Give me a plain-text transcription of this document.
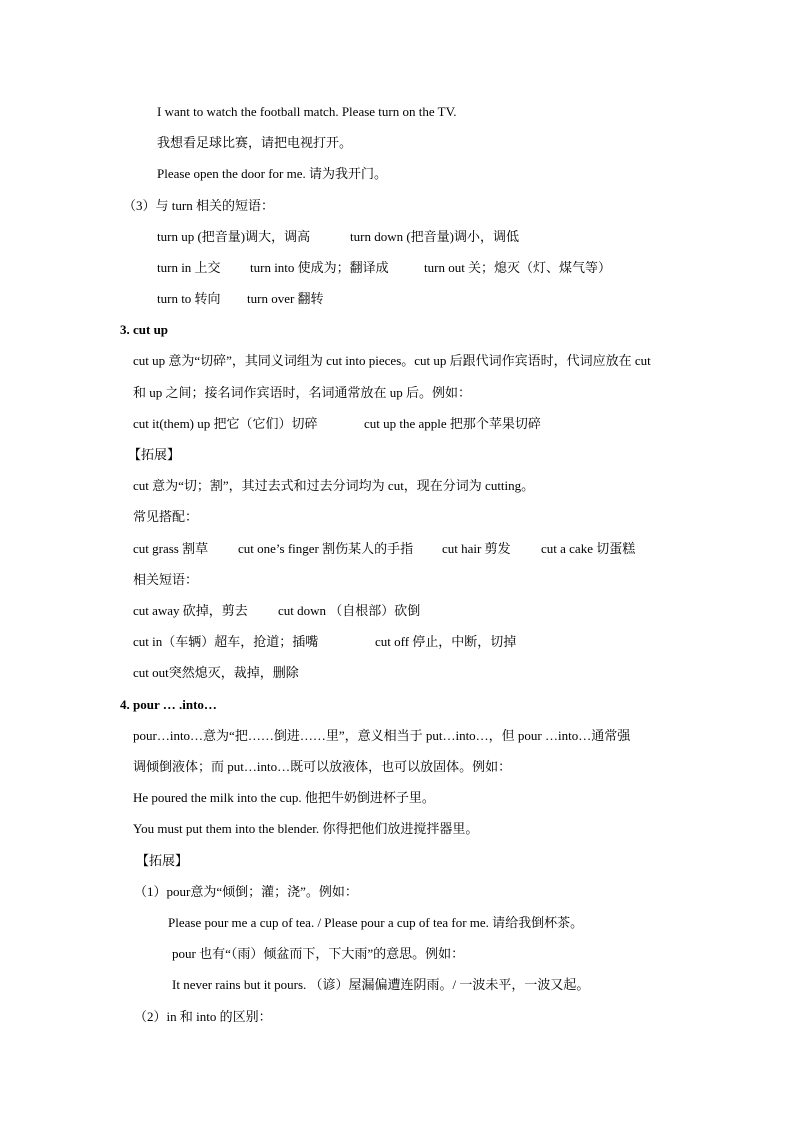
I want to watch the football match. Please turn on the TV.
我想看足球比赛，请把电视打开。
Please open the door for me. 请为我开门。
（3）与 turn 相关的短语：
turn up (把音量)调大，调高	turn down (把音量)调小，调低
turn in 上交 turn into 使成为；翻译成	turn out 关；熄灭（灯、煤气等）
turn to 转向 turn over 翻转
3. cut up
cut up 意为“切碎”，其同义词组为 cut into pieces。cut up 后跟代词作宾语时，代词应放在 cut
和 up 之间；接名词作宾语时，名词通常放在 up 后。例如：
cut it(them) up 把它（它们）切碎	cut up the apple 把那个苹果切碎
【拓展】
cut 意为“切；割”，其过去式和过去分词均为 cut，现在分词为 cutting。
常见搭配：
cut grass 割草 cut one’s finger 割伤某人的手指 cut hair 剪发 cut a cake 切蛋糕
相关短语：
cut away 砍掉，剪去 cut down （自根部）砍倒
cut in（车辆）超车，抢道；插嘴	cut off 停止，中断，切掉
cut out突然熄灭，裁掉，删除
4. pour … .into…
pour…into…意为“把……倒进……里”，意义相当于 put…into…，但 pour …into…通常强
调倾倒液体；而 put…into…既可以放液体，也可以放固体。例如：
He poured the milk into the cup. 他把牛奶倒进杯子里。
You must put them into the blender. 你得把他们放进搅拌器里。
【拓展】
（1）pour意为“倾倒；灌；浇”。例如：
Please pour me a cup of tea. / Please pour a cup of tea for me. 请给我倒杯茶。
pour 也有“（雨）倾盆而下，下大雨”的意思。例如：
It never rains but it pours. （谚）屋漏偏遭连阴雨。/ 一波未平，一波又起。
（2）in 和 into 的区别：
